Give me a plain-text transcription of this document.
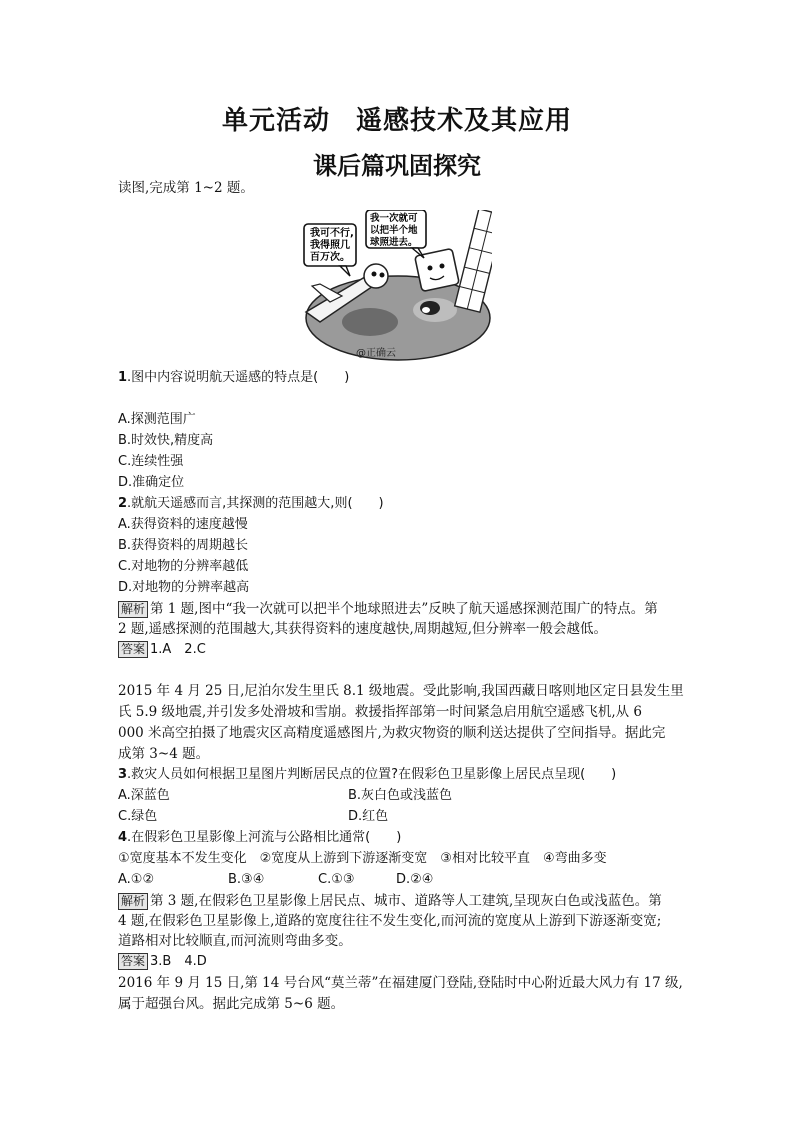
单元活动 遥感技术及其应用
课后篇巩固探究
读图,完成第 1~2 题。
我可不行,
我得照几
百万次。
我一次就可
以把半个地
球照进去。
@正确云
1.图中内容说明航天遥感的特点是(　　)
A.探测范围广
B.时效快,精度高
C.连续性强
D.准确定位
2.就航天遥感而言,其探测的范围越大,则(　　)
A.获得资料的速度越慢
B.获得资料的周期越长
C.对地物的分辨率越低
D.对地物的分辨率越高
解析 第 1 题,图中“我一次就可以把半个地球照进去”反映了航天遥感探测范围广的特点。第
2 题,遥感探测的范围越大,其获得资料的速度越快,周期越短,但分辨率一般会越低。
答案 1.A　2.C
2015 年 4 月 25 日,尼泊尔发生里氏 8.1 级地震。受此影响,我国西藏日喀则地区定日县发生里
氏 5.9 级地震,并引发多处滑坡和雪崩。救援指挥部第一时间紧急启用航空遥感飞机,从 6
000 米高空拍摄了地震灾区高精度遥感图片,为救灾物资的顺利送达提供了空间指导。据此完
成第 3~4 题。
3.救灾人员如何根据卫星图片判断居民点的位置?在假彩色卫星影像上居民点呈现(　　)
A.深蓝色	B.灰白色或浅蓝色
C.绿色	D.红色
4.在假彩色卫星影像上河流与公路相比通常(　　)
①宽度基本不发生变化　②宽度从上游到下游逐渐变宽　③相对比较平直　④弯曲多变
A.①②	B.③④	C.①③	D.②④
解析 第 3 题,在假彩色卫星影像上居民点、城市、道路等人工建筑,呈现灰白色或浅蓝色。第
4 题,在假彩色卫星影像上,道路的宽度往往不发生变化,而河流的宽度从上游到下游逐渐变宽;
道路相对比较顺直,而河流则弯曲多变。
答案 3.B　4.D
2016 年 9 月 15 日,第 14 号台风“莫兰蒂”在福建厦门登陆,登陆时中心附近最大风力有 17 级,
属于超强台风。据此完成第 5~6 题。
